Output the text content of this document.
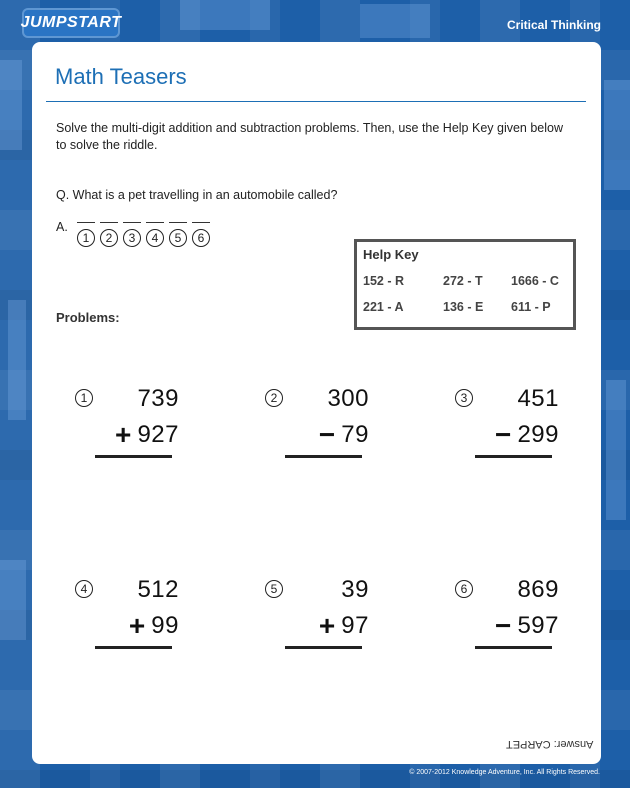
JUMPSTART	Critical Thinking
Math Teasers

Solve the multi-digit addition and subtraction problems. Then, use the Help Key given below to solve the riddle.

Q. What is a pet travelling in an automobile called?

A.
1	2	3	4	5	6
Help Key
152 - R	272 - T	1666 - C
221 - A	136 - E	611 - P
Problems:
1 739
+ 927
2 300
− 79
3 451
− 299
4 512
+ 99
5	39
+ 97
6 869
− 597
Answer: CARPET
© 2007-2012 Knowledge Adventure, Inc. All Rights Reserved.
